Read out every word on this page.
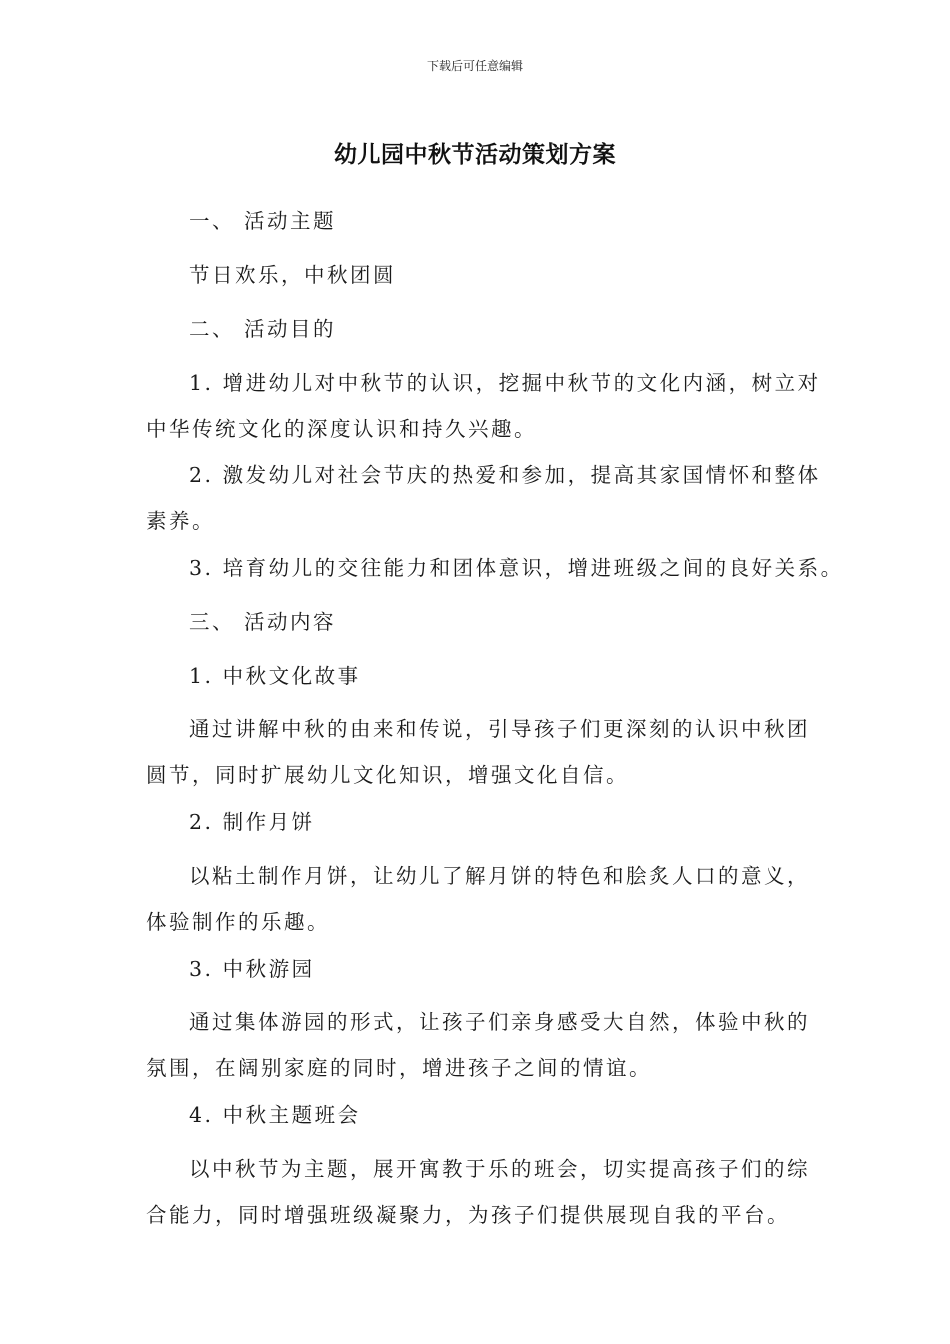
下载后可任意编辑
幼儿园中秋节活动策划方案

一、 活动主题

节日欢乐，中秋团圆

二、 活动目的

1. 增进幼儿对中秋节的认识，挖掘中秋节的文化内涵，树立对
中华传统文化的深度认识和持久兴趣。
2. 激发幼儿对社会节庆的热爱和参加，提高其家国情怀和整体
素养。

3. 培育幼儿的交往能力和团体意识，增进班级之间的良好关系。

三、 活动内容

1. 中秋文化故事

通过讲解中秋的由来和传说，引导孩子们更深刻的认识中秋团
圆节，同时扩展幼儿文化知识，增强文化自信。

2. 制作月饼

以粘土制作月饼，让幼儿了解月饼的特色和脍炙人口的意义，
体验制作的乐趣。

3. 中秋游园

通过集体游园的形式，让孩子们亲身感受大自然，体验中秋的
氛围，在阔别家庭的同时，增进孩子之间的情谊。

4. 中秋主题班会

以中秋节为主题，展开寓教于乐的班会，切实提高孩子们的综
合能力，同时增强班级凝聚力，为孩子们提供展现自我的平台。
